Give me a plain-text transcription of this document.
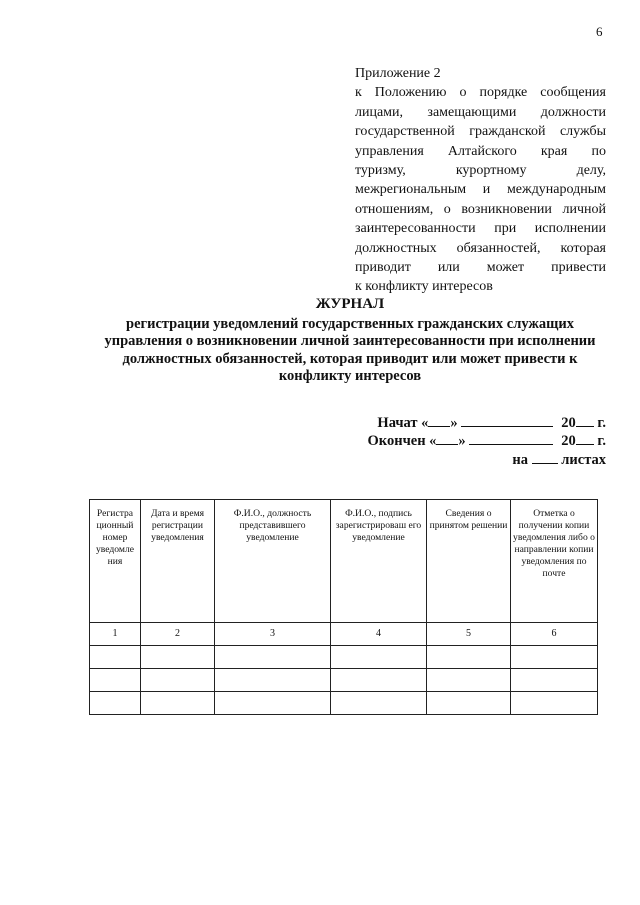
6
Приложение 2
к Положению о порядке сообщения
лицами, замещающими должности
государственной гражданской службы
управления Алтайского края по
туризму, курортному делу,
межрегиональным и международным
отношениям, о возникновении личной
заинтересованности при исполнении
должностных обязанностей, которая
приводит или может привести
к конфликту интересов
ЖУРНАЛ
регистрации уведомлений государственных гражданских служащих
управления о возникновении личной заинтересованности при исполнении
должностных обязанностей, которая приводит или может привести к
конфликту интересов
Начат « »	20 г.
Окончен « »	20 г.
на листах
Регистра ционный номер уведомле ния	Дата и время регистрации уведомления	Ф.И.О., должность представившего уведомление	Ф.И.О., подпись зарегистрироваш его уведомление	Сведения о принятом решении	Отметка о получении копии уведомления либо о направлении копии уведомления по почте
1	2	3	4	5	6
